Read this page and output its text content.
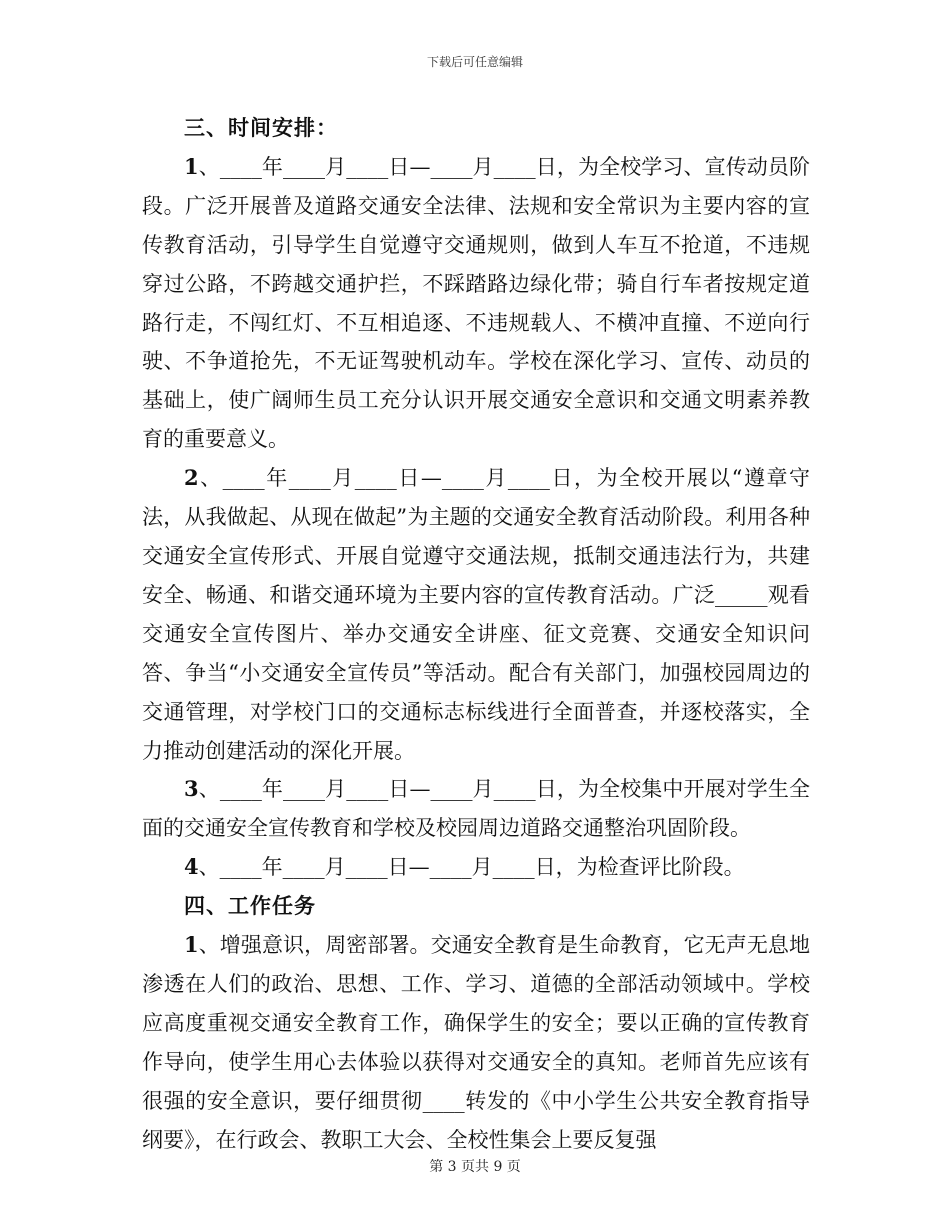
下载后可任意编辑

三、时间安排：

1、____年____月____日—____月____日，为全校学习、宣传动员阶段。广泛开展普及道路交通安全法律、法规和安全常识为主要内容的宣传教育活动，引导学生自觉遵守交通规则，做到人车互不抢道，不违规穿过公路，不跨越交通护拦，不踩踏路边绿化带；骑自行车者按规定道路行走，不闯红灯、不互相追逐、不违规载人、不横冲直撞、不逆向行驶、不争道抢先，不无证驾驶机动车。学校在深化学习、宣传、动员的基础上，使广阔师生员工充分认识开展交通安全意识和交通文明素养教育的重要意义。

2、____年____月____日—____月____日，为全校开展以“遵章守法，从我做起、从现在做起”为主题的交通安全教育活动阶段。利用各种交通安全宣传形式、开展自觉遵守交通法规，抵制交通违法行为，共建安全、畅通、和谐交通环境为主要内容的宣传教育活动。广泛_____观看交通安全宣传图片、举办交通安全讲座、征文竞赛、交通安全知识问答、争当“小交通安全宣传员”等活动。配合有关部门，加强校园周边的交通管理，对学校门口的交通标志标线进行全面普查，并逐校落实，全力推动创建活动的深化开展。

3、____年____月____日—____月____日，为全校集中开展对学生全面的交通安全宣传教育和学校及校园周边道路交通整治巩固阶段。

4、____年____月____日—____月____日，为检查评比阶段。

四、工作任务

1、增强意识，周密部署。交通安全教育是生命教育，它无声无息地渗透在人们的政治、思想、工作、学习、道德的全部活动领域中。学校应高度重视交通安全教育工作，确保学生的安全；要以正确的宣传教育作导向，使学生用心去体验以获得对交通安全的真知。老师首先应该有很强的安全意识，要仔细贯彻____转发的《中小学生公共安全教育指导纲要》，在行政会、教职工大会、全校性集会上要反复强

第 3 页共 9 页
